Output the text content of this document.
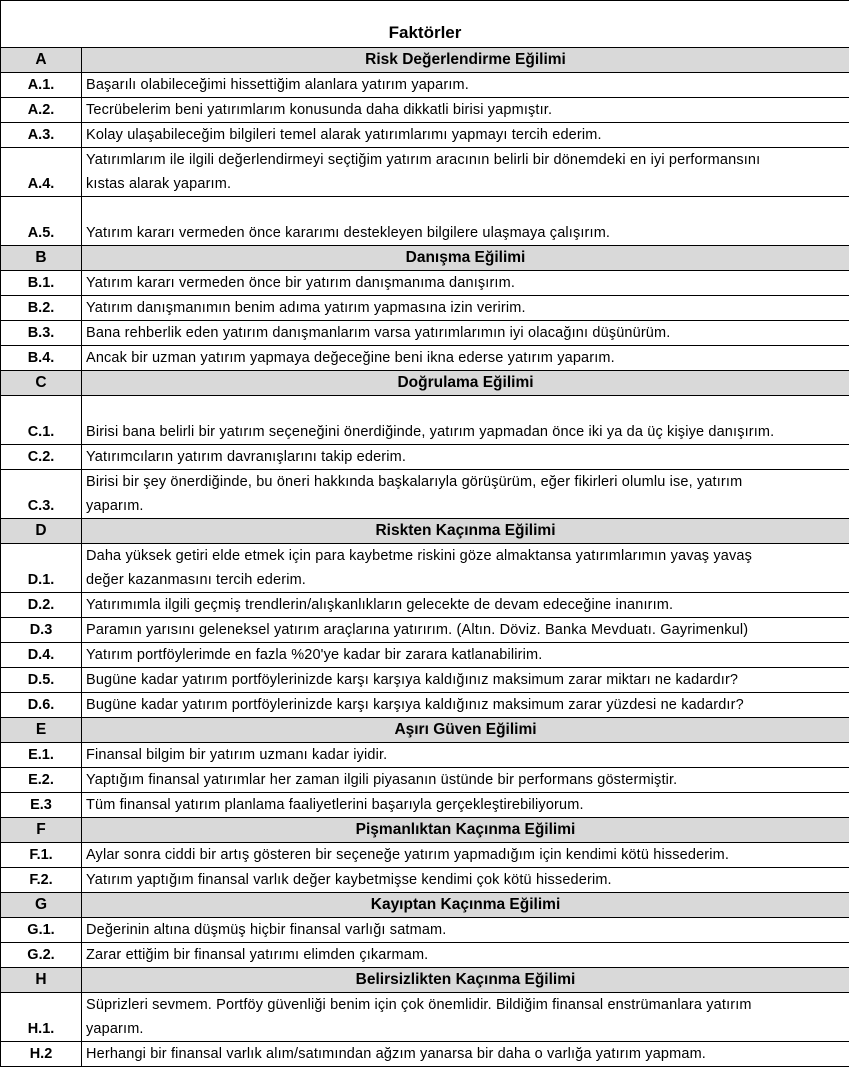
Faktörler	
A	Risk Değerlendirme Eğilimi
A.1.	Başarılı olabileceğimi hissettiğim alanlara yatırım yaparım.

A.2.	Tecrübelerim beni yatırımlarım konusunda daha dikkatli birisi yapmıştır.

A.3.	Kolay ulaşabileceğim bilgileri temel alarak yatırımlarımı yapmayı tercih ederim.

A.4.	Yatırımlarım ile ilgili değerlendirmeyi seçtiğim yatırım aracının belirli bir dönemdeki en iyi performansını
kıstas alarak yaparım.

A.5.	Yatırım kararı vermeden önce kararımı destekleyen bilgilere ulaşmaya çalışırım.

B	Danışma Eğilimi
B.1.	Yatırım kararı vermeden önce bir yatırım danışmanıma danışırım.

B.2.	Yatırım danışmanımın benim adıma yatırım yapmasına izin veririm.

B.3.	Bana rehberlik eden yatırım danışmanlarım varsa yatırımlarımın iyi olacağını düşünürüm.

B.4.	Ancak bir uzman yatırım yapmaya değeceğine beni ikna ederse yatırım yaparım.

C	Doğrulama Eğilimi
C.1.	Birisi bana belirli bir yatırım seçeneğini önerdiğinde, yatırım yapmadan önce iki ya da üç kişiye danışırım.

C.2.	Yatırımcıların yatırım davranışlarını takip ederim.

C.3.	Birisi bir şey önerdiğinde, bu öneri hakkında başkalarıyla görüşürüm, eğer fikirleri olumlu ise, yatırım
yaparım.

D	Riskten Kaçınma Eğilimi
D.1.	Daha yüksek getiri elde etmek için para kaybetme riskini göze almaktansa yatırımlarımın yavaş yavaş
değer kazanmasını tercih ederim.

D.2.	Yatırımımla ilgili geçmiş trendlerin/alışkanlıkların gelecekte de devam edeceğine inanırım.

D.3	Paramın yarısını geleneksel yatırım araçlarına yatırırım. (Altın. Döviz. Banka Mevduatı. Gayrimenkul)

D.4.	Yatırım portföylerimde en fazla %20'ye kadar bir zarara katlanabilirim.

D.5.	Bugüne kadar yatırım portföylerinizde karşı karşıya kaldığınız maksimum zarar miktarı ne kadardır?

D.6.	Bugüne kadar yatırım portföylerinizde karşı karşıya kaldığınız maksimum zarar yüzdesi ne kadardır?

E	Aşırı Güven Eğilimi
E.1.	Finansal bilgim bir yatırım uzmanı kadar iyidir.

E.2.	Yaptığım finansal yatırımlar her zaman ilgili piyasanın üstünde bir performans göstermiştir.

E.3	Tüm finansal yatırım planlama faaliyetlerini başarıyla gerçekleştirebiliyorum.

F	Pişmanlıktan Kaçınma Eğilimi
F.1.	Aylar sonra ciddi bir artış gösteren bir seçeneğe yatırım yapmadığım için kendimi kötü hissederim.

F.2.	Yatırım yaptığım finansal varlık değer kaybetmişse kendimi çok kötü hissederim.

G	Kayıptan Kaçınma Eğilimi
G.1.	Değerinin altına düşmüş hiçbir finansal varlığı satmam.

G.2.	Zarar ettiğim bir finansal yatırımı elimden çıkarmam.

H	Belirsizlikten Kaçınma Eğilimi
H.1.	Süprizleri sevmem. Portföy güvenliği benim için çok önemlidir. Bildiğim finansal enstrümanlara yatırım
yaparım.

H.2	Herhangi bir finansal varlık alım/satımından ağzım yanarsa bir daha o varlığa yatırım yapmam.
